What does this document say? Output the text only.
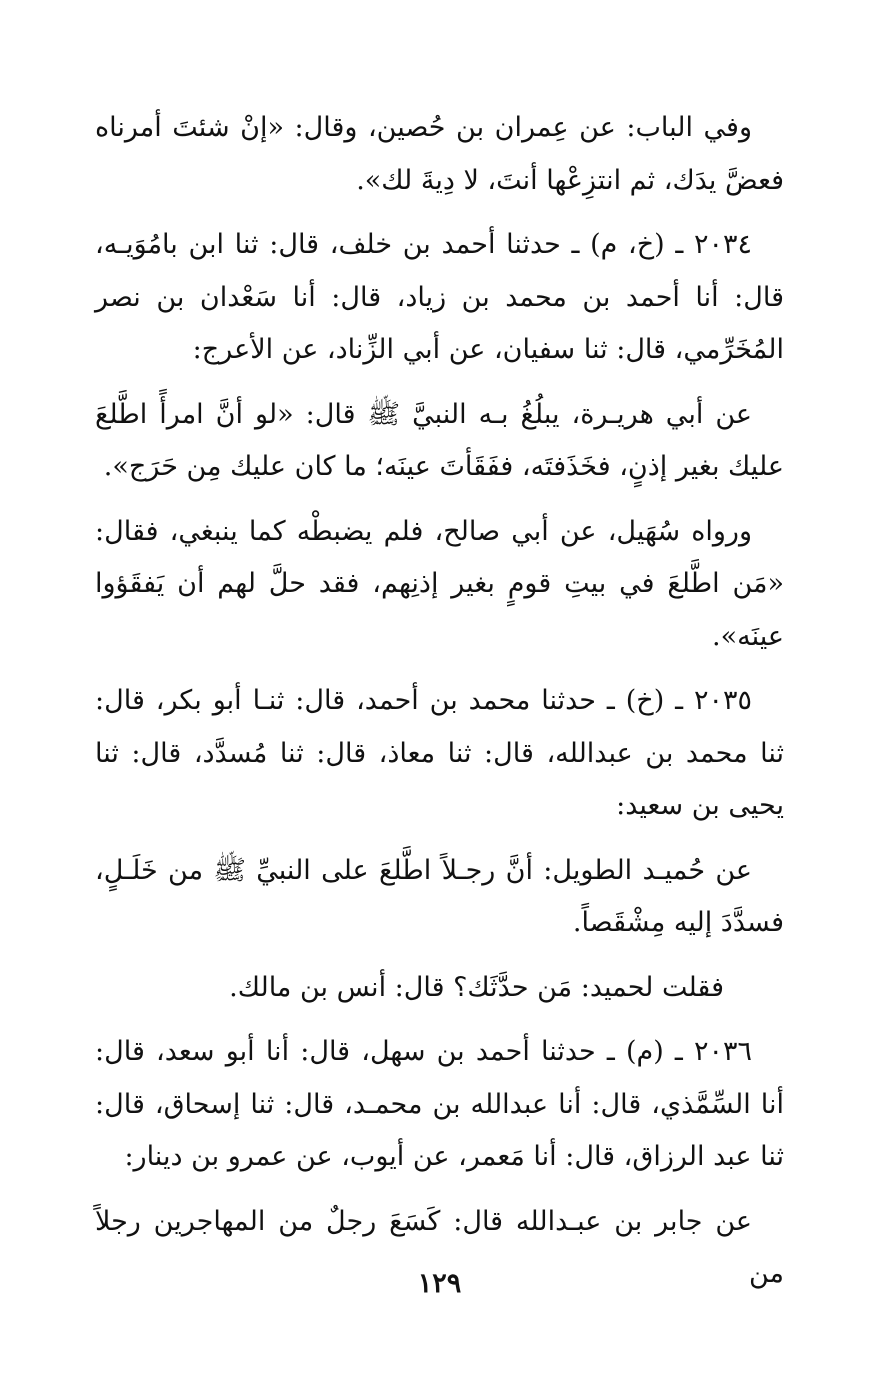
وفي الباب: عن عِمران بن حُصين، وقال: «إنْ شئتَ أمرناه فعضَّ يدَك، ثم انتزِعْها أنتَ، لا دِيةَ لك».

٢٠٣٤ ـ (خ، م) ـ حدثنا أحمد بن خلف، قال: ثنا ابن بامُوَيـه، قال: أنا أحمد بن محمد بن زياد، قال: أنا سَعْدان بن نصر المُخَرِّمي، قال: ثنا سفيان، عن أبي الزِّناد، عن الأعرج:

عن أبي هريـرة، يبلُغُ بـه النبيَّ ﷺ قال: «لو أنَّ امرأً اطَّلعَ عليك بغير إذنٍ، فخَذَفتَه، ففَقَأتَ عينَه؛ ما كان عليك مِن حَرَج».

ورواه سُهَيل، عن أبي صالح، فلم يضبطْه كما ينبغي، فقال: «مَن اطَّلعَ في بيتِ قومٍ بغير إذنِهم، فقد حلَّ لهم أن يَفقَؤوا عينَه».

٢٠٣٥ ـ (خ) ـ حدثنا محمد بن أحمد، قال: ثنـا أبو بكر، قال: ثنا محمد بن عبدالله، قال: ثنا معاذ، قال: ثنا مُسدَّد، قال: ثنا يحيى بن سعيد:

عن حُميـد الطويل: أنَّ رجـلاً اطَّلعَ على النبيِّ ﷺ من خَلَـلٍ، فسدَّدَ إليه مِشْقَصاً.

فقلت لحميد: مَن حدَّثَك؟ قال: أنس بن مالك.

٢٠٣٦ ـ (م) ـ حدثنا أحمد بن سهل، قال: أنا أبو سعد، قال: أنا السِّمَّذي، قال: أنا عبدالله بن محمـد، قال: ثنا إسحاق، قال: ثنا عبد الرزاق، قال: أنا مَعمر، عن أيوب، عن عمرو بن دينار:

عن جابر بن عبـدالله قال: كَسَعَ رجلٌ من المهاجرين رجلاً من

١٢٩
